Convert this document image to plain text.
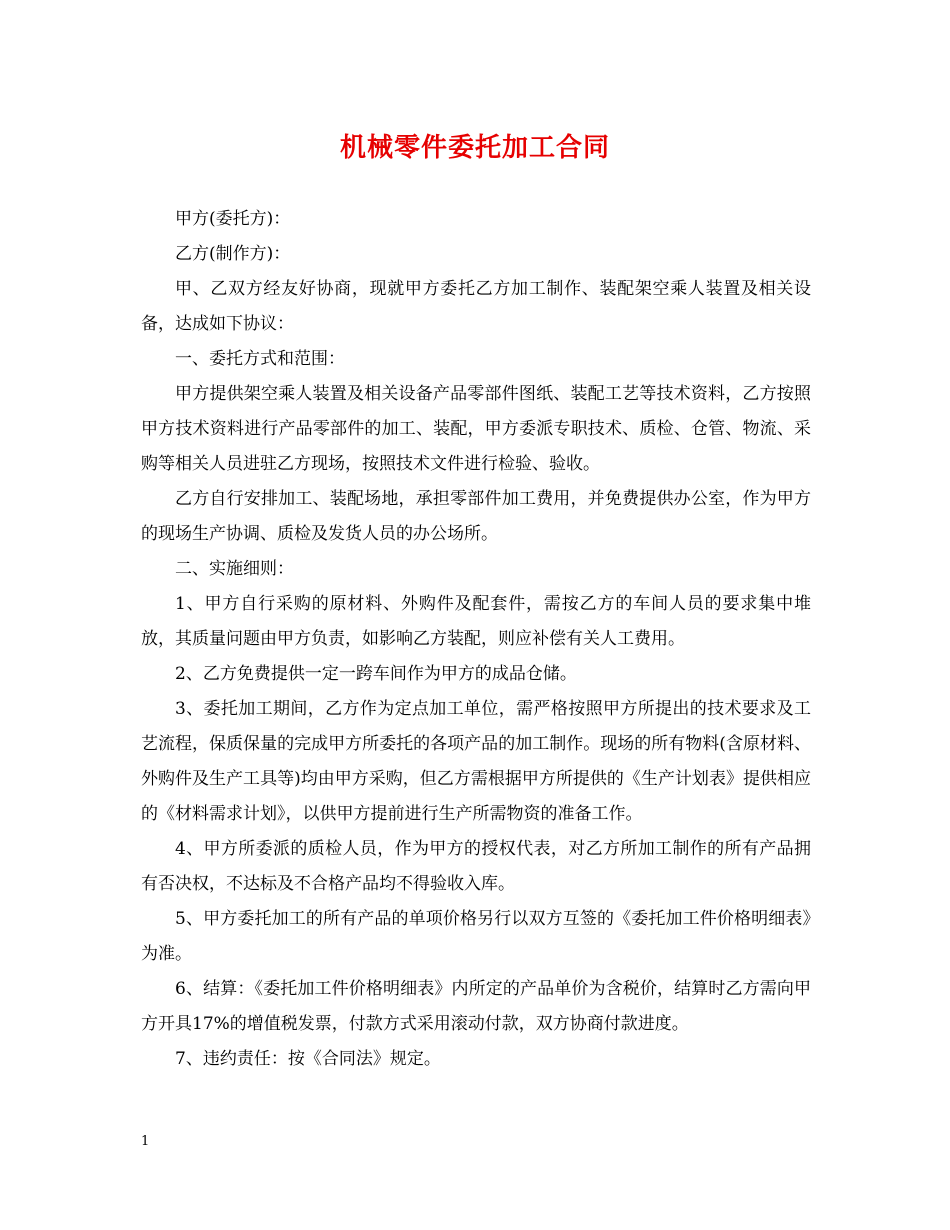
机械零件委托加工合同

甲方(委托方)：

乙方(制作方)：

甲、乙双方经友好协商，现就甲方委托乙方加工制作、装配架空乘人装置及相关设备，达成如下协议：

一、委托方式和范围：

甲方提供架空乘人装置及相关设备产品零部件图纸、装配工艺等技术资料，乙方按照甲方技术资料进行产品零部件的加工、装配，甲方委派专职技术、质检、仓管、物流、采购等相关人员进驻乙方现场，按照技术文件进行检验、验收。

乙方自行安排加工、装配场地，承担零部件加工费用，并免费提供办公室，作为甲方的现场生产协调、质检及发货人员的办公场所。

二、实施细则：

1、甲方自行采购的原材料、外购件及配套件，需按乙方的车间人员的要求集中堆放，其质量问题由甲方负责，如影响乙方装配，则应补偿有关人工费用。

2、乙方免费提供一定一跨车间作为甲方的成品仓储。

3、委托加工期间，乙方作为定点加工单位，需严格按照甲方所提出的技术要求及工艺流程，保质保量的完成甲方所委托的各项产品的加工制作。现场的所有物料(含原材料、外购件及生产工具等)均由甲方采购，但乙方需根据甲方所提供的《生产计划表》提供相应的《材料需求计划》，以供甲方提前进行生产所需物资的准备工作。

4、甲方所委派的质检人员，作为甲方的授权代表，对乙方所加工制作的所有产品拥有否决权，不达标及不合格产品均不得验收入库。

5、甲方委托加工的所有产品的单项价格另行以双方互签的《委托加工件价格明细表》为准。

6、结算：《委托加工件价格明细表》内所定的产品单价为含税价，结算时乙方需向甲方开具17%的增值税发票，付款方式采用滚动付款，双方协商付款进度。

7、违约责任：按《合同法》规定。

1
